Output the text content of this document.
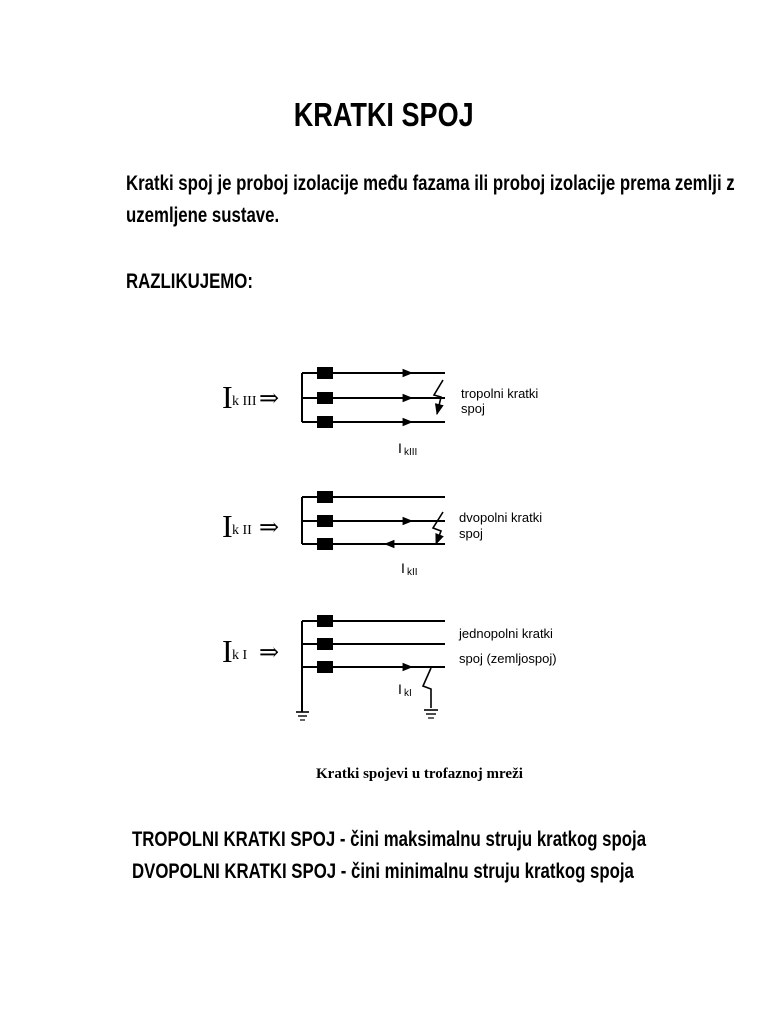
KRATKI SPOJ
Kratki spoj je proboj izolacije među fazama ili proboj izolacije prema zemlji z
uzemljene sustave.
RAZLIKUJEMO:
I k III ⇒	tropolni kratki
spoj
I kIII
I k II ⇒	dvopolni kratki
spoj
I kII
I k I ⇒
jednopolni kratki
spoj (zemljospoj)
I kI
Kratki spojevi u trofaznoj mreži
TROPOLNI KRATKI SPOJ - čini maksimalnu struju kratkog spoja
DVOPOLNI KRATKI SPOJ - čini minimalnu struju kratkog spoja
